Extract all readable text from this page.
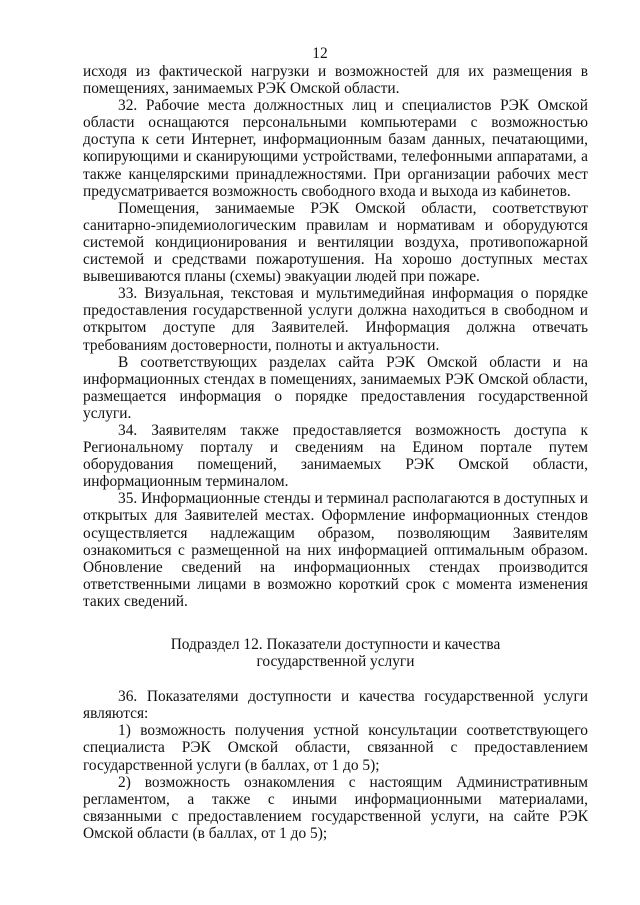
12

исходя из фактической нагрузки и возможностей для их размещения в помещениях, занимаемых РЭК Омской области.

32. Рабочие места должностных лиц и специалистов РЭК Омской области оснащаются персональными компьютерами с возможностью доступа к сети Интернет, информационным базам данных, печатающими, копирующими и сканирующими устройствами, телефонными аппаратами, а также канцелярскими принадлежностями. При организации рабочих мест предусматривается возможность свободного входа и выхода из кабинетов.

Помещения, занимаемые РЭК Омской области, соответствуют санитарно-эпидемиологическим правилам и нормативам и оборудуются системой кондиционирования и вентиляции воздуха, противопожарной системой и средствами пожаротушения. На хорошо доступных местах вывешиваются планы (схемы) эвакуации людей при пожаре.

33. Визуальная, текстовая и мультимедийная информация о порядке предоставления государственной услуги должна находиться в свободном и открытом доступе для Заявителей. Информация должна отвечать требованиям достоверности, полноты и актуальности.

В соответствующих разделах сайта РЭК Омской области и на информационных стендах в помещениях, занимаемых РЭК Омской области, размещается информация о порядке предоставления государственной услуги.

34. Заявителям также предоставляется возможность доступа к Региональному порталу и сведениям на Едином портале путем оборудования помещений, занимаемых РЭК Омской области, информационным терминалом.

35. Информационные стенды и терминал располагаются в доступных и открытых для Заявителей местах. Оформление информационных стендов осуществляется надлежащим образом, позволяющим Заявителям ознакомиться с размещенной на них информацией оптимальным образом. Обновление сведений на информационных стендах производится ответственными лицами в возможно короткий срок с момента изменения таких сведений.

Подраздел 12. Показатели доступности и качества
государственной услуги

36. Показателями доступности и качества государственной услуги являются:

1) возможность получения устной консультации соответствующего специалиста РЭК Омской области, связанной с предоставлением государственной услуги (в баллах, от 1 до 5);

2) возможность ознакомления с настоящим Административным регламентом, а также с иными информационными материалами, связанными с предоставлением государственной услуги, на сайте РЭК Омской области (в баллах, от 1 до 5);
